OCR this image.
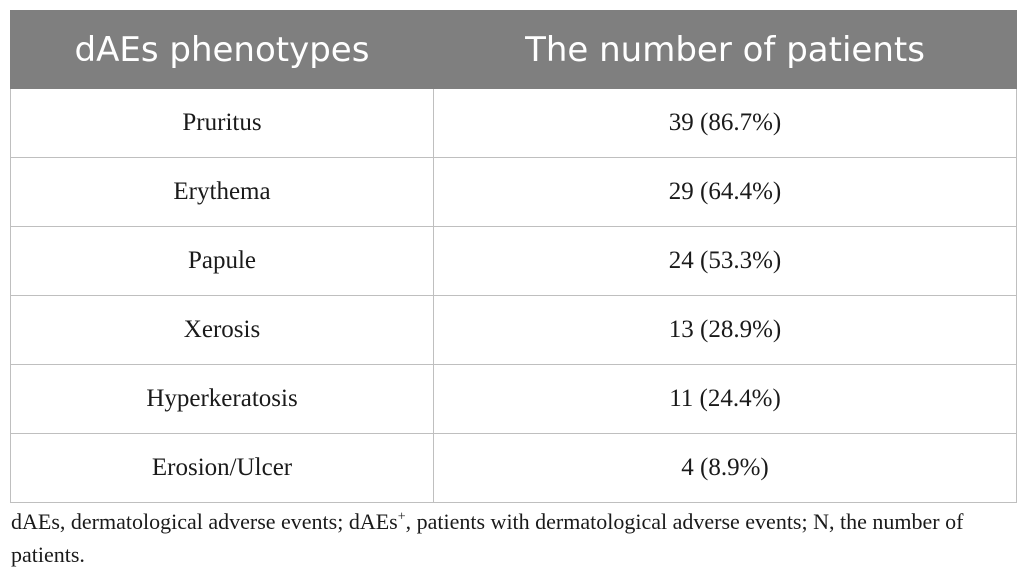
dAEs phenotypes	The number of patients
Pruritus	39 (86.7%)
Erythema	29 (64.4%)
Papule	24 (53.3%)
Xerosis	13 (28.9%)
Hyperkeratosis	11 (24.4%)
Erosion/Ulcer	4 (8.9%)
dAEs, dermatological adverse events; dAEs+, patients with dermatological adverse events; N, the number of patients.
